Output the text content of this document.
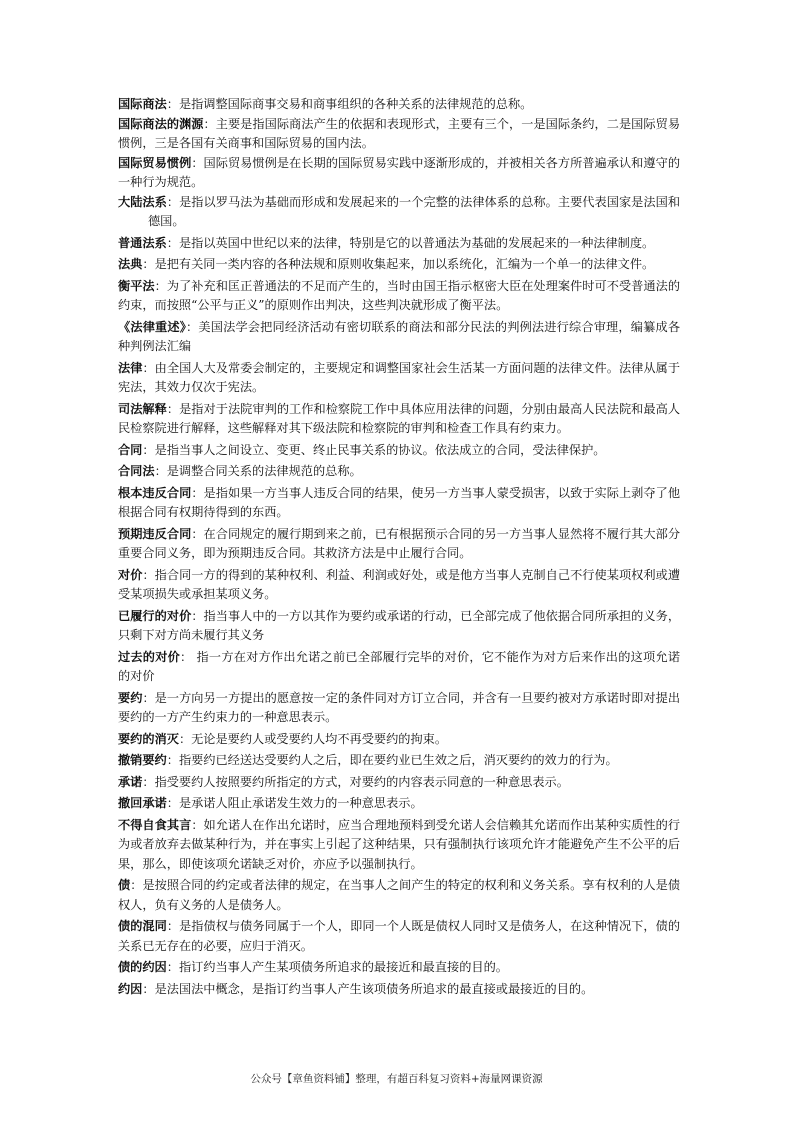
国际商法：是指调整国际商事交易和商事组织的各种关系的法律规范的总称。

国际商法的渊源：主要是指国际商法产生的依据和表现形式，主要有三个，一是国际条约，二是国际贸易惯例，三是各国有关商事和国际贸易的国内法。

国际贸易惯例：国际贸易惯例是在长期的国际贸易实践中逐渐形成的，并被相关各方所普遍承认和遵守的一种行为规范。

大陆法系：是指以罗马法为基础而形成和发展起来的一个完整的法律体系的总称。主要代表国家是法国和德国。

普通法系：是指以英国中世纪以来的法律，特别是它的以普通法为基础的发展起来的一种法律制度。

法典：是把有关同一类内容的各种法规和原则收集起来，加以系统化，汇编为一个单一的法律文件。

衡平法：为了补充和匡正普通法的不足而产生的，当时由国王指示枢密大臣在处理案件时可不受普通法的约束，而按照“公平与正义”的原则作出判决，这些判决就形成了衡平法。

《法律重述》：美国法学会把同经济活动有密切联系的商法和部分民法的判例法进行综合审理，编纂成各种判例法汇编

法律：由全国人大及常委会制定的，主要规定和调整国家社会生活某一方面问题的法律文件。法律从属于宪法，其效力仅次于宪法。

司法解释：是指对于法院审判的工作和检察院工作中具体应用法律的问题，分别由最高人民法院和最高人民检察院进行解释，这些解释对其下级法院和检察院的审判和检查工作具有约束力。

合同：是指当事人之间设立、变更、终止民事关系的协议。依法成立的合同，受法律保护。

合同法：是调整合同关系的法律规范的总称。

根本违反合同：是指如果一方当事人违反合同的结果，使另一方当事人蒙受损害，以致于实际上剥夺了他根据合同有权期待得到的东西。

预期违反合同：在合同规定的履行期到来之前，已有根据预示合同的另一方当事人显然将不履行其大部分重要合同义务，即为预期违反合同。其救济方法是中止履行合同。

对价：指合同一方的得到的某种权利、利益、利润或好处，或是他方当事人克制自己不行使某项权利或遭受某项损失或承担某项义务。

已履行的对价：指当事人中的一方以其作为要约或承诺的行动，已全部完成了他依据合同所承担的义务，只剩下对方尚未履行其义务

过去的对价： 指一方在对方作出允诺之前已全部履行完毕的对价，它不能作为对方后来作出的这项允诺的对价

要约：是一方向另一方提出的愿意按一定的条件同对方订立合同，并含有一旦要约被对方承诺时即对提出要约的一方产生约束力的一种意思表示。

要约的消灭：无论是要约人或受要约人均不再受要约的拘束。

撤销要约：指要约已经送达受要约人之后，即在要约业已生效之后，消灭要约的效力的行为。

承诺：指受要约人按照要约所指定的方式，对要约的内容表示同意的一种意思表示。

撤回承诺：是承诺人阻止承诺发生效力的一种意思表示。

不得自食其言：如允诺人在作出允诺时，应当合理地预料到受允诺人会信赖其允诺而作出某种实质性的行为或者放弃去做某种行为，并在事实上引起了这种结果，只有强制执行该项允许才能避免产生不公平的后果，那么，即使该项允诺缺乏对价，亦应予以强制执行。

债：是按照合同的约定或者法律的规定，在当事人之间产生的特定的权利和义务关系。享有权利的人是债权人，负有义务的人是债务人。

债的混同：是指债权与债务同属于一个人，即同一个人既是债权人同时又是债务人，在这种情况下，债的关系已无存在的必要，应归于消灭。

债的约因：指订约当事人产生某项债务所追求的最接近和最直接的目的。

约因：是法国法中概念，是指订约当事人产生该项债务所追求的最直接或最接近的目的。

公众号【章鱼资料铺】整理，有超百科复习资料+海量网课资源
